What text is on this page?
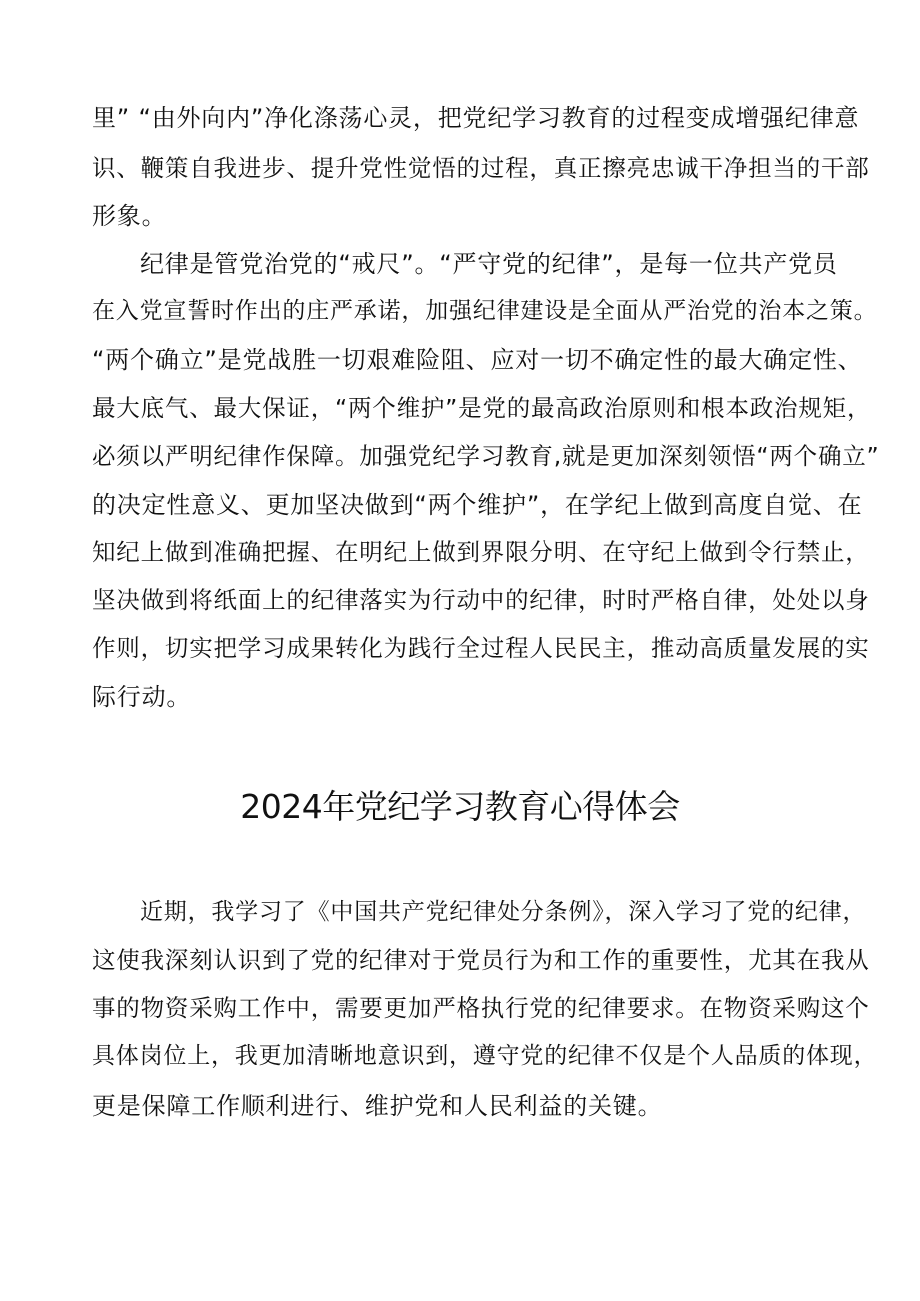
里” “由外向内”净化涤荡心灵，把党纪学习教育的过程变成增强纪律意
识、鞭策自我进步、提升党性觉悟的过程，真正擦亮忠诚干净担当的干部
形象。
纪律是管党治党的“戒尺”。“严守党的纪律”，是每一位共产党员
在入党宣誓时作出的庄严承诺，加强纪律建设是全面从严治党的治本之策。
“两个确立”是党战胜一切艰难险阻、应对一切不确定性的最大确定性、
最大底气、最大保证，“两个维护”是党的最高政治原则和根本政治规矩，
必须以严明纪律作保障。加强党纪学习教育,就是更加深刻领悟“两个确立”
的决定性意义、更加坚决做到“两个维护”，在学纪上做到高度自觉、在
知纪上做到准确把握、在明纪上做到界限分明、在守纪上做到令行禁止，
坚决做到将纸面上的纪律落实为行动中的纪律，时时严格自律，处处以身
作则，切实把学习成果转化为践行全过程人民民主，推动高质量发展的实
际行动。
2024年党纪学习教育心得体会
近期，我学习了《中国共产党纪律处分条例》，深入学习了党的纪律，
这使我深刻认识到了党的纪律对于党员行为和工作的重要性，尤其在我从
事的物资采购工作中，需要更加严格执行党的纪律要求。在物资采购这个
具体岗位上，我更加清晰地意识到，遵守党的纪律不仅是个人品质的体现，
更是保障工作顺利进行、维护党和人民利益的关键。
